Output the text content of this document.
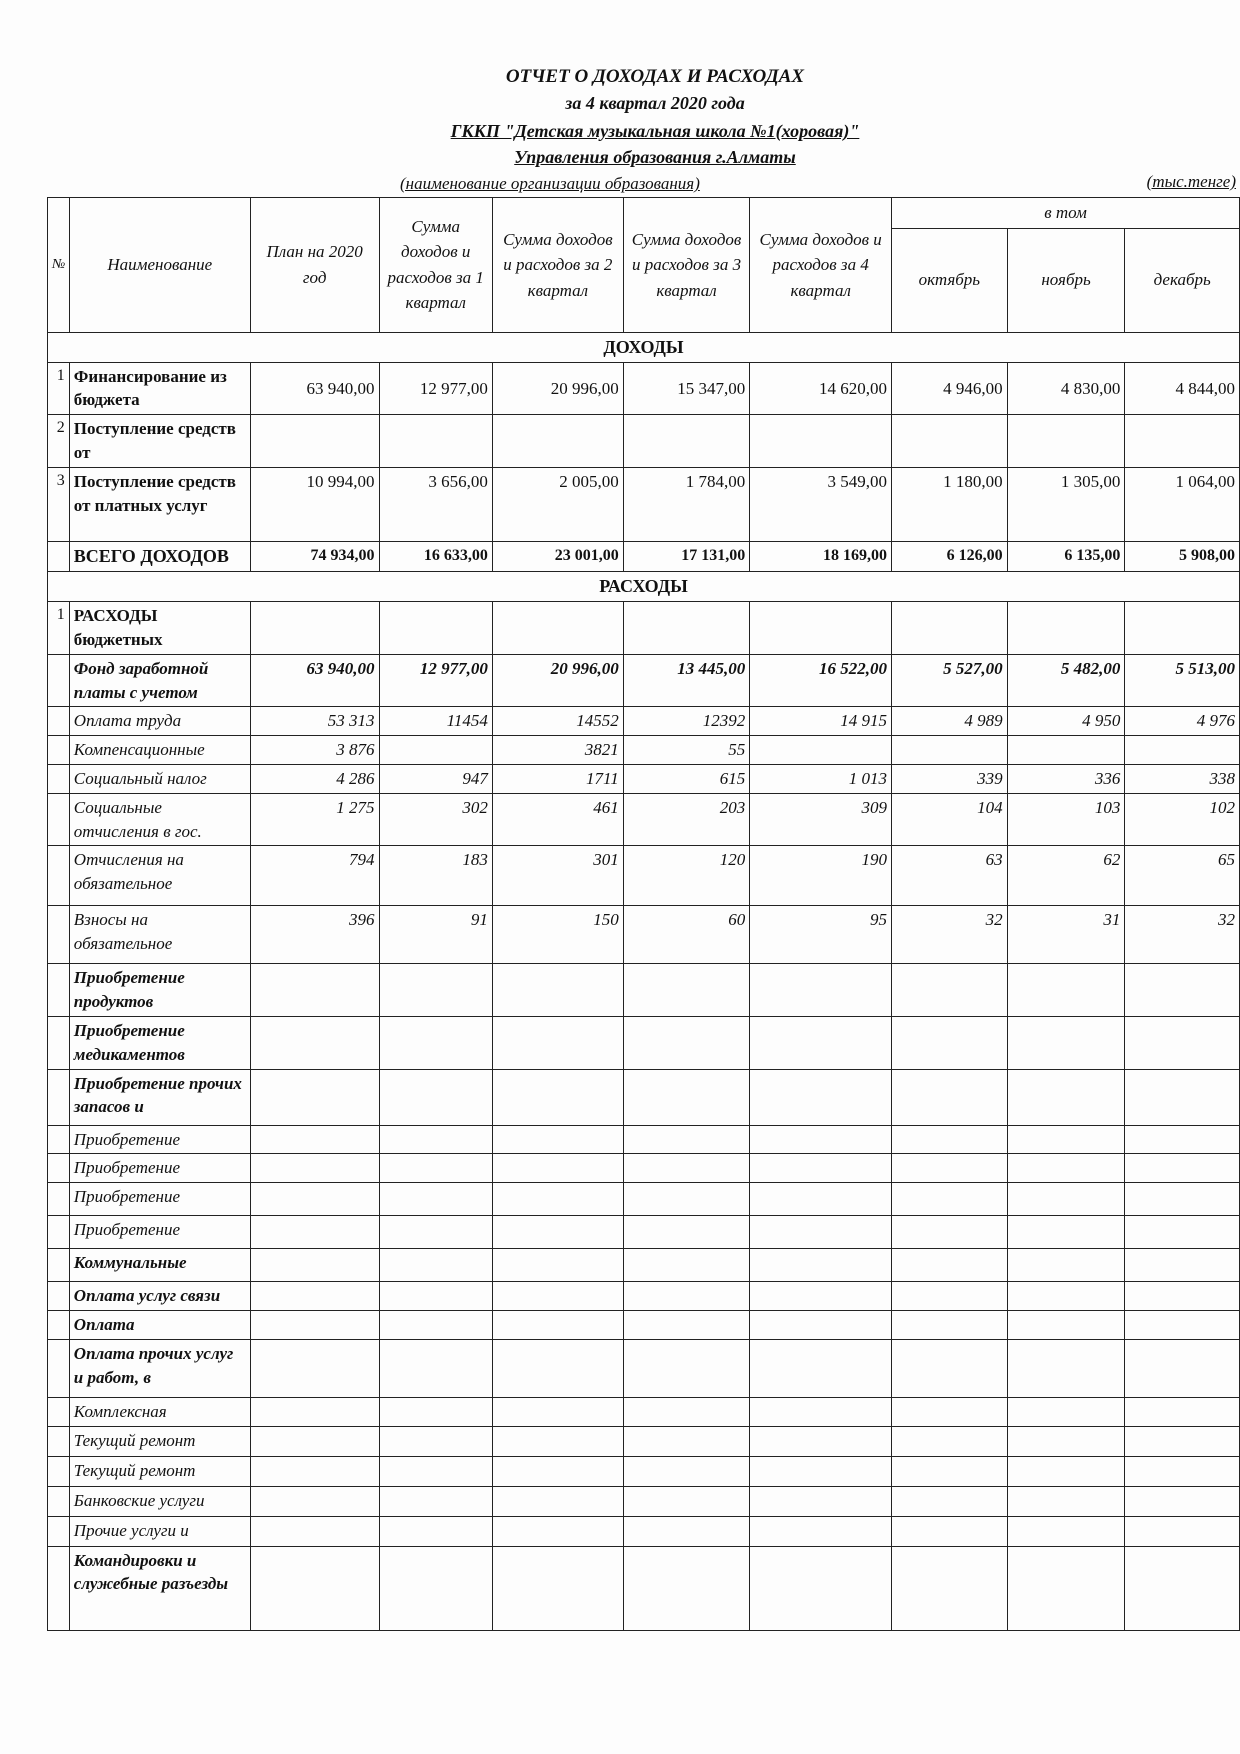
ОТЧЕТ О ДОХОДАХ И РАСХОДАХ
за 4 квартал 2020 года
ГККП "Детская музыкальная школа №1(хоровая)"
Управления образования г.Алматы
(наименование организации образования)	(тыс.тенге)
№	Наименование	План на 2020 год	Сумма доходов и расходов за 1 квартал	Сумма доходов и расходов за 2 квартал	Сумма доходов и расходов за 3 квартал	Сумма доходов и расходов за 4 квартал	в том		
							октябрь	ноябрь	декабрь
ДОХОДЫ									
1	Финансирование из бюджета	63 940,00	12 977,00	20 996,00	15 347,00	14 620,00	4 946,00	4 830,00	4 844,00
2	Поступление средств от								
3	Поступление средств от платных услуг	10 994,00	3 656,00	2 005,00	1 784,00	3 549,00	1 180,00	1 305,00	1 064,00
	ВСЕГО ДОХОДОВ	74 934,00	16 633,00	23 001,00	17 131,00	18 169,00	6 126,00	6 135,00	5 908,00
РАСХОДЫ									
1	РАСХОДЫ бюджетных								
	Фонд заработной платы с учетом	63 940,00	12 977,00	20 996,00	13 445,00	16 522,00	5 527,00	5 482,00	5 513,00
	Оплата труда	53 313	11454	14552	12392	14 915	4 989	4 950	4 976
	Компенсационные	3 876		3821	55				
	Социальный налог	4 286	947	1711	615	1 013	339	336	338
	Социальные отчисления в гос.	1 275	302	461	203	309	104	103	102
	Отчисления на обязательное	794	183	301	120	190	63	62	65
	Взносы на обязательное	396	91	150	60	95	32	31	32
	Приобретение продуктов								
	Приобретение медикаментов								
	Приобретение прочих запасов и								
	Приобретение								
	Приобретение								
	Приобретение								
	Приобретение								
	Коммунальные								
	Оплата услуг связи								
	Оплата								
	Оплата прочих услуг и работ, в								
	Комплексная								
	Текущий ремонт								
	Текущий ремонт								
	Банковские услуги								
	Прочие услуги и								
	Командировки и служебные разъезды								
